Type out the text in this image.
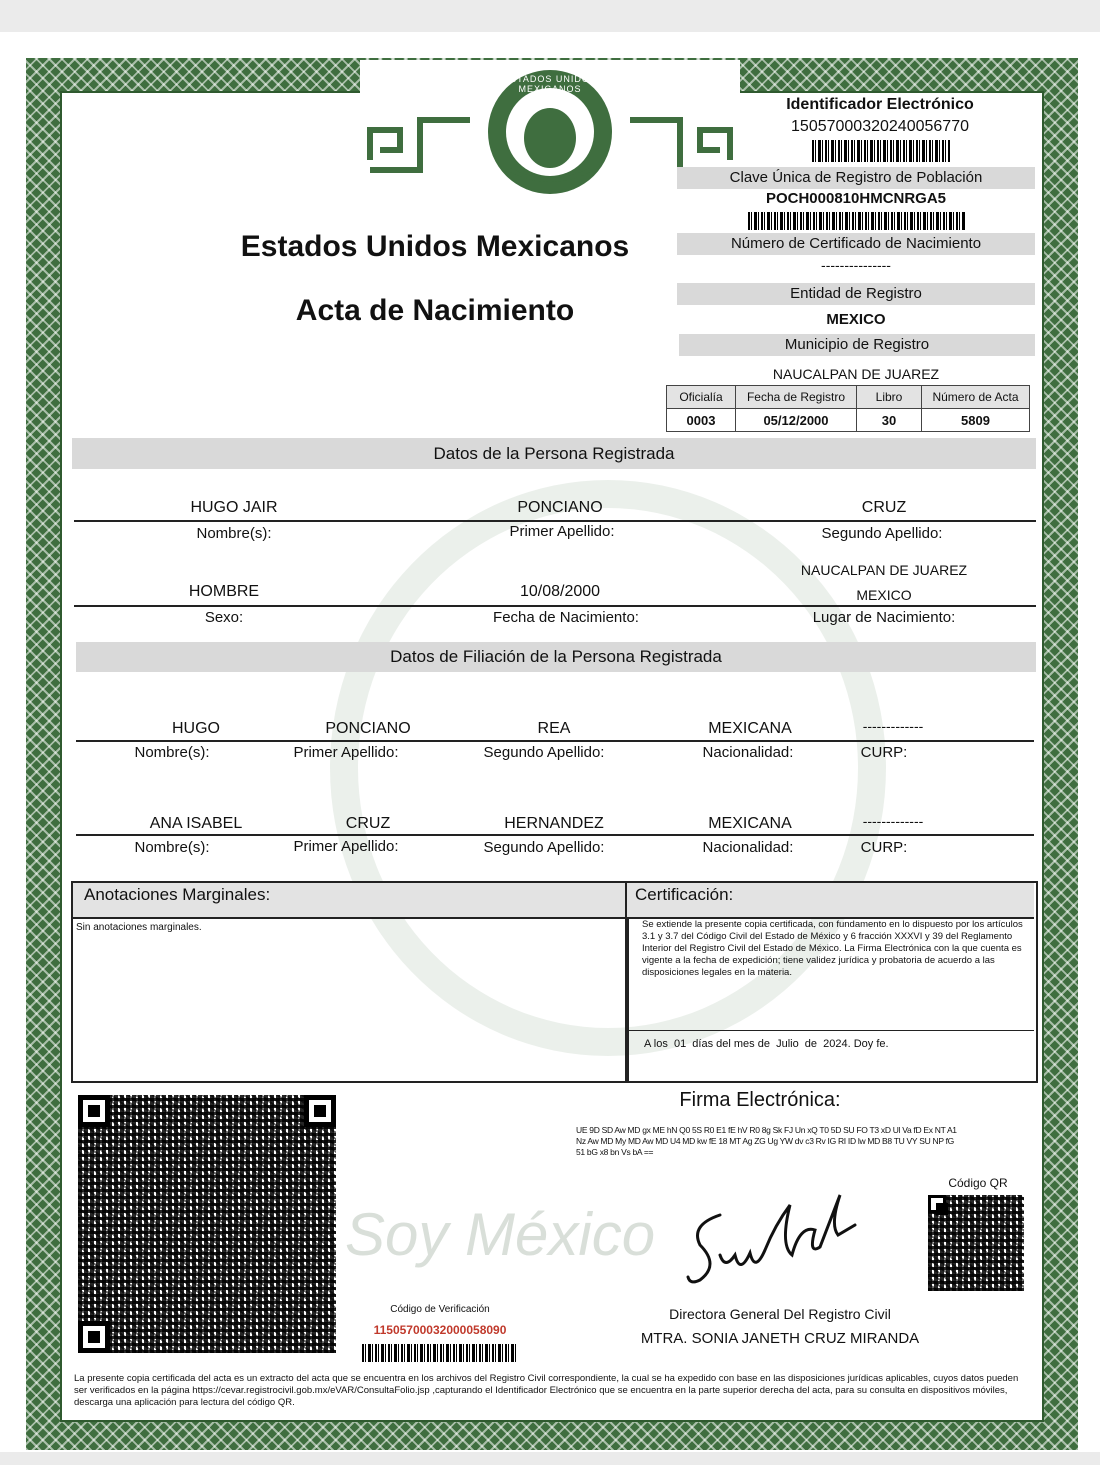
ESTADOS UNIDOS MEXICANOS
Soy México
Estados Unidos Mexicanos
Acta de Nacimiento
Identificador Electrónico
15057000320240056770
Clave Única de Registro de Población
POCH000810HMCNRGA5
Número de Certificado de Nacimiento
---------------
Entidad de Registro
MEXICO
Municipio de Registro
NAUCALPAN DE JUAREZ
Oficialía	Fecha de Registro	Libro	Número de Acta
0003	05/12/2000	30	5809
Datos de la Persona Registrada
HUGO JAIR	PONCIANO	CRUZ
Nombre(s):	Primer Apellido:	Segundo Apellido:
HOMBRE	10/08/2000
NAUCALPAN DE JUAREZ
MEXICO
Sexo:	Fecha de Nacimiento:	Lugar de Nacimiento:
Datos de Filiación de la Persona Registrada
HUGO	PONCIANO	REA	MEXICANA	-------------
Nombre(s):	Primer Apellido:	Segundo Apellido:	Nacionalidad:	CURP:
ANA ISABEL	CRUZ	HERNANDEZ	MEXICANA	-------------
Nombre(s):	Primer Apellido:	Segundo Apellido:	Nacionalidad:	CURP:
Anotaciones Marginales:
Sin anotaciones marginales.
Certificación:
Se extiende la presente copia certificada, con fundamento en lo dispuesto por los artículos 3.1 y 3.7 del Código Civil del Estado de México y 6 fracción XXXVI y 39 del Reglamento Interior del Registro Civil del Estado de México. La Firma Electrónica con la que cuenta es vigente a la fecha de expedición; tiene validez jurídica y probatoria de acuerdo a las disposiciones legales en la materia.
A los  01  días del mes de  Julio  de  2024. Doy fe.
Código de Verificación
11505700032000058090
Firma Electrónica:
UE 9D SD Aw MD gx ME hN Q0 5S R0 E1 fE hV R0 8g Sk FJ Un xQ T0 5D SU FO T3 xD Ul Va fD Ex NT A1 Nz Aw MD My MD Aw MD U4 MD kw fE 18 MT Ag ZG Ug YW dv c3 Rv IG RI ID lw MD B8 TU VY SU NP fG 51 bG x8 bn Vs bA ==
Directora General Del Registro Civil
MTRA. SONIA JANETH CRUZ MIRANDA
Código QR
La presente copia certificada del acta es un extracto del acta que se encuentra en los archivos del Registro Civil correspondiente, la cual se ha expedido con base en las disposiciones jurídicas aplicables, cuyos datos pueden ser verificados en la página https://cevar.registrocivil.gob.mx/eVAR/ConsultaFolio.jsp ,capturando el Identificador Electrónico que se encuentra en la parte superior derecha del acta, para su consulta en dispositivos móviles, descarga una aplicación para lectura del código QR.
